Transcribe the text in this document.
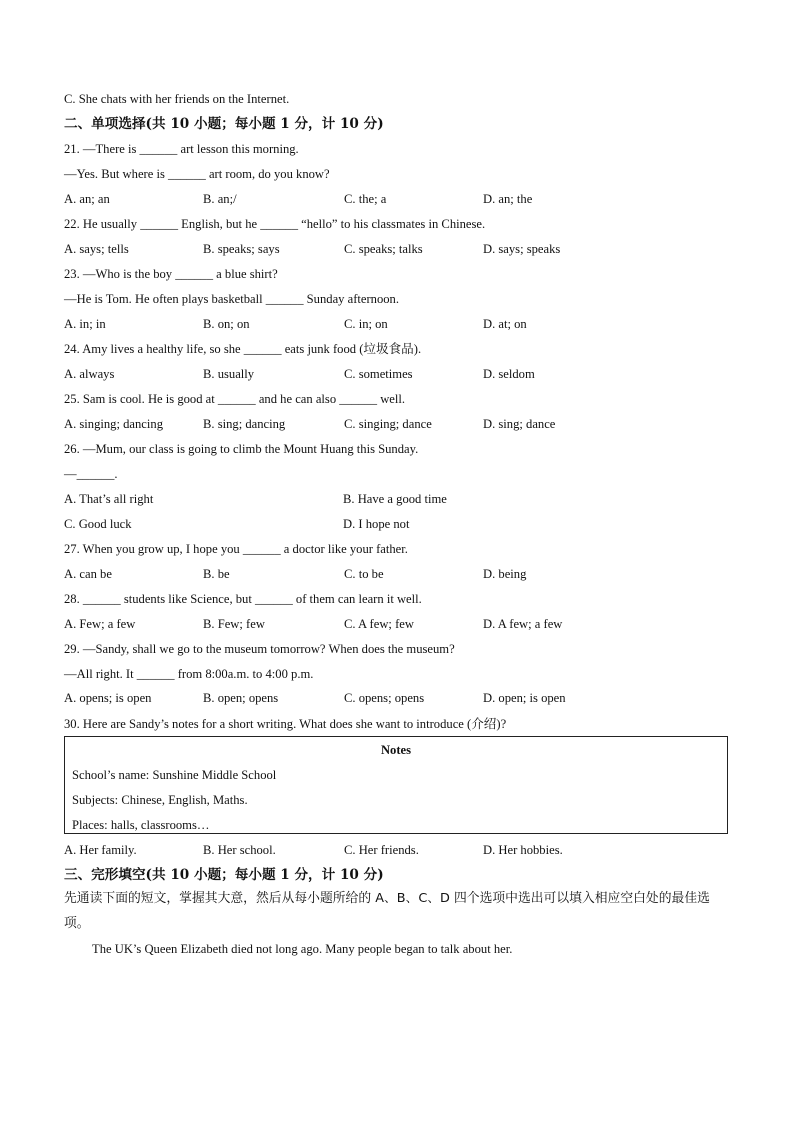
C. She chats with her friends on the Internet.
二、单项选择(共 10 小题；每小题 1 分，计 10 分)
21. —There is ______ art lesson this morning.
—Yes. But where is ______ art room, do you know?
A. an; an	B. an;/	C. the; a	D. an; the
22. He usually ______ English, but he ______ “hello” to his classmates in Chinese.
A. says; tells	B. speaks; says	C. speaks; talks	D. says; speaks
23. —Who is the boy ______ a blue shirt?
—He is Tom. He often plays basketball ______ Sunday afternoon.
A. in; in	B. on; on	C. in; on	D. at; on
24. Amy lives a healthy life, so she ______ eats junk food (垃圾食品).
A. always	B. usually	C. sometimes	D. seldom
25. Sam is cool. He is good at ______ and he can also ______ well.
A. singing; dancing	B. sing; dancing	C. singing; dance	D. sing; dance
26. —Mum, our class is going to climb the Mount Huang this Sunday.
—______.
A. That’s all right	B. Have a good time
C. Good luck	D. I hope not
27. When you grow up, I hope you ______ a doctor like your father.
A. can be	B. be	C. to be	D. being
28. ______ students like Science, but ______ of them can learn it well.
A. Few; a few	B. Few; few	C. A few; few	D. A few; a few
29. —Sandy, shall we go to the museum tomorrow? When does the museum?
—All right. It ______ from 8:00a.m. to 4:00 p.m.
A. opens; is open	B. open; opens	C. opens; opens	D. open; is open
30. Here are Sandy’s notes for a short writing. What does she want to introduce (介绍)?
Notes
School’s name: Sunshine Middle School
Subjects: Chinese, English, Maths.
Places: halls, classrooms…
A. Her family.	B. Her school.	C. Her friends.	D. Her hobbies.
三、完形填空(共 10 小题；每小题 1 分，计 10 分)
先通读下面的短文，掌握其大意，然后从每小题所给的 A、B、C、D 四个选项中选出可以填入相应空白处的最佳选项。
The UK’s Queen Elizabeth died not long ago. Many people began to talk about her.
